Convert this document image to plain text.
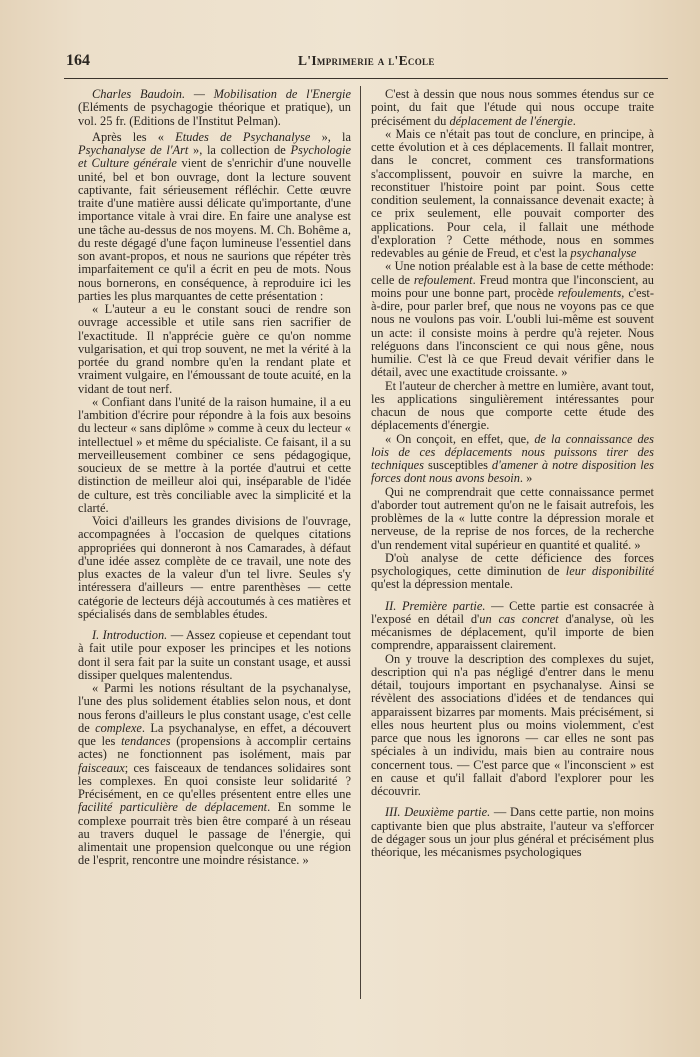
164	L'Imprimerie a l'Ecole

Charles Baudoin. — Mobilisation de l'Energie (Eléments de psychagogie théorique et pratique), un vol. 25 fr. (Editions de l'Institut Pelman).

Après les « Etudes de Psychanalyse », la Psychanalyse de l'Art », la collection de Psychologie et Culture générale vient de s'enrichir d'une nouvelle unité, bel et bon ouvrage, dont la lecture souvent captivante, fait sérieusement réfléchir. Cette œuvre traite d'une matière aussi délicate qu'importante, d'une importance vitale à vrai dire. En faire une analyse est une tâche au-dessus de nos moyens. M. Ch. Bohême a, du reste dégagé d'une façon lumineuse l'essentiel dans son avant-propos, et nous ne saurions que répéter très imparfaitement ce qu'il a écrit en peu de mots. Nous nous bornerons, en conséquence, à reproduire ici les parties les plus marquantes de cette présentation :

« L'auteur a eu le constant souci de rendre son ouvrage accessible et utile sans rien sacrifier de l'exactitude. Il n'apprécie guère ce qu'on nomme vulgarisation, et qui trop souvent, ne met la vérité à la portée du grand nombre qu'en la rendant plate et vraiment vulgaire, en l'émoussant de toute acuité, en la vidant de tout nerf.

« Confiant dans l'unité de la raison humaine, il a eu l'ambition d'écrire pour répondre à la fois aux besoins du lecteur « sans diplôme » comme à ceux du lecteur « intellectuel » et même du spécialiste. Ce faisant, il a su merveilleusement combiner ce sens pédagogique, soucieux de se mettre à la portée d'autrui et cette distinction de meilleur aloi qui, inséparable de l'idée de culture, est très conciliable avec la simplicité et la clarté.

Voici d'ailleurs les grandes divisions de l'ouvrage, accompagnées à l'occasion de quelques citations appropriées qui donneront à nos Camarades, à défaut d'une idée assez complète de ce travail, une note des plus exactes de la valeur d'un tel livre. Seules s'y intéressera d'ailleurs — entre parenthèses — cette catégorie de lecteurs déjà accoutumés à ces matières et spécialisés dans de semblables études.

I. Introduction. — Assez copieuse et cependant tout à fait utile pour exposer les principes et les notions dont il sera fait par la suite un constant usage, et aussi dissiper quelques malentendus.

« Parmi les notions résultant de la psychanalyse, l'une des plus solidement établies selon nous, et dont nous ferons d'ailleurs le plus constant usage, c'est celle de complexe. La psychanalyse, en effet, a découvert que les tendances (propensions à accomplir certains actes) ne fonctionnent pas isolément, mais par faisceaux; ces faisceaux de tendances solidaires sont les complexes. En quoi consiste leur solidarité ? Précisément, en ce qu'elles présentent entre elles une facilité particulière de déplacement. En somme le complexe pourrait très bien être comparé à un réseau au travers duquel le passage de l'énergie, qui alimentait une propension quelconque ou une région de l'esprit, rencontre une moindre résistance. »

C'est à dessin que nous nous sommes étendus sur ce point, du fait que l'étude qui nous occupe traite précisément du déplacement de l'énergie.

« Mais ce n'était pas tout de conclure, en principe, à cette évolution et à ces déplacements. Il fallait montrer, dans le concret, comment ces transformations s'accomplissent, pouvoir en suivre la marche, en reconstituer l'histoire point par point. Sous cette condition seulement, la connaissance devenait exacte; à ce prix seulement, elle pouvait comporter des applications. Pour cela, il fallait une méthode d'exploration ? Cette méthode, nous en sommes redevables au génie de Freud, et c'est la psychanalyse

« Une notion préalable est à la base de cette méthode: celle de refoulement. Freud montra que l'inconscient, au moins pour une bonne part, procède refoulements, c'est-à-dire, pour parler bref, que nous ne voyons pas ce que nous ne voulons pas voir. L'oubli lui-même est souvent un acte: il consiste moins à perdre qu'à rejeter. Nous reléguons dans l'inconscient ce qui nous gêne, nous humilie. C'est là ce que Freud devait vérifier dans le détail, avec une exactitude croissante. »

Et l'auteur de chercher à mettre en lumière, avant tout, les applications singulièrement intéressantes pour chacun de nous que comporte cette étude des déplacements d'énergie.

« On conçoit, en effet, que, de la connaissance des lois de ces déplacements nous puissons tirer des techniques susceptibles d'amener à notre disposition les forces dont nous avons besoin. »

Qui ne comprendrait que cette connaissance permet d'aborder tout autrement qu'on ne le faisait autrefois, les problèmes de la « lutte contre la dépression morale et nerveuse, de la reprise de nos forces, de la recherche d'un rendement vital supérieur en quantité et qualité. »

D'où analyse de cette déficience des forces psychologiques, cette diminution de leur disponibilité qu'est la dépression mentale.

II. Première partie. — Cette partie est consacrée à l'exposé en détail d'un cas concret d'analyse, où les mécanismes de déplacement, qu'il importe de bien comprendre, apparaissent clairement.

On y trouve la description des complexes du sujet, description qui n'a pas négligé d'entrer dans le menu détail, toujours important en psychanalyse. Ainsi se révèlent des associations d'idées et de tendances qui apparaissent bizarres par moments. Mais précisément, si elles nous heurtent plus ou moins violemment, c'est parce que nous les ignorons — car elles ne sont pas spéciales à un individu, mais bien au contraire nous concernent tous. — C'est parce que « l'inconscient » est en cause et qu'il fallait d'abord l'explorer pour les découvrir.

III. Deuxième partie. — Dans cette partie, non moins captivante bien que plus abstraite, l'auteur va s'efforcer de dégager sous un jour plus général et précisément plus théorique, les mécanismes psychologiques
